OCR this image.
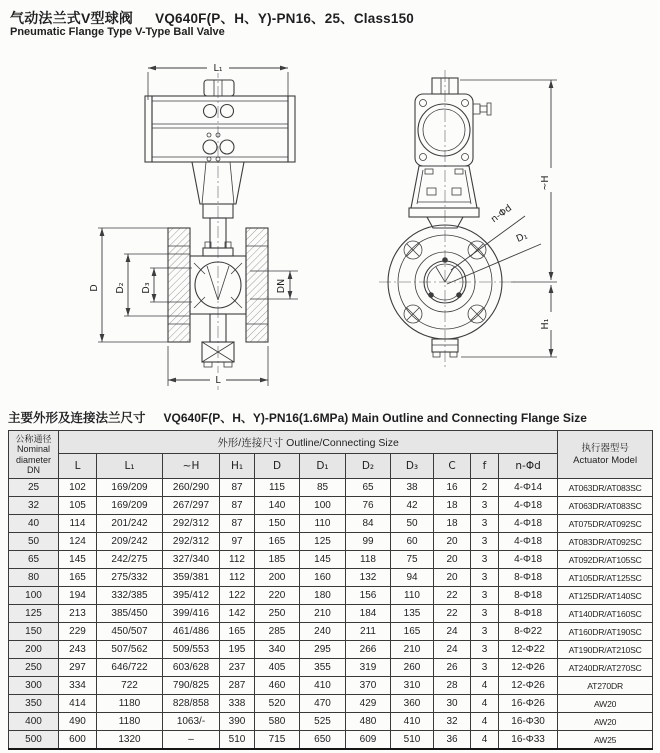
气动法兰式V型球阀 VQ640F(P、H、Y)-PN16、25、Class150
Pneumatic Flange Type V-Type Ball Valve
L₁
D D₂ D₃	DN
L
~H
H₁
n-Φd
D₁
主要外形及连接法兰尺寸 VQ640F(P、H、Y)-PN16(1.6MPa) Main Outline and Connecting Flange Size
公称通径
Nominal
diameter
DN
	外形/连接尺寸 Outline/Connecting Size	执行器型号
Actuator Model

	L	L₁	~H	H₁	D	D₁	D₂	D₃	C	f	n-Φd	
25	102	169/209	260/290	87	115	85	65	38	16	2	4-Φ14	AT063DR/AT083SC
32	105	169/209	267/297	87	140	100	76	42	18	3	4-Φ18	AT063DR/AT083SC
40	114	201/242	292/312	87	150	110	84	50	18	3	4-Φ18	AT075DR/AT092SC
50	124	209/242	292/312	97	165	125	99	60	20	3	4-Φ18	AT083DR/AT092SC
65	145	242/275	327/340	112	185	145	118	75	20	3	4-Φ18	AT092DR/AT105SC
80	165	275/332	359/381	112	200	160	132	94	20	3	8-Φ18	AT105DR/AT125SC
100	194	332/385	395/412	122	220	180	156	110	22	3	8-Φ18	AT125DR/AT140SC
125	213	385/450	399/416	142	250	210	184	135	22	3	8-Φ18	AT140DR/AT160SC
150	229	450/507	461/486	165	285	240	211	165	24	3	8-Φ22	AT160DR/AT190SC
200	243	507/562	509/553	195	340	295	266	210	24	3	12-Φ22	AT190DR/AT210SC
250	297	646/722	603/628	237	405	355	319	260	26	3	12-Φ26	AT240DR/AT270SC
300	334	722	790/825	287	460	410	370	310	28	4	12-Φ26	AT270DR
350	414	1180	828/858	338	520	470	429	360	30	4	16-Φ26	AW20
400	490	1180	1063/-	390	580	525	480	410	32	4	16-Φ30	AW20
500	600	1320	–	510	715	650	609	510	36	4	16-Φ33	AW25
